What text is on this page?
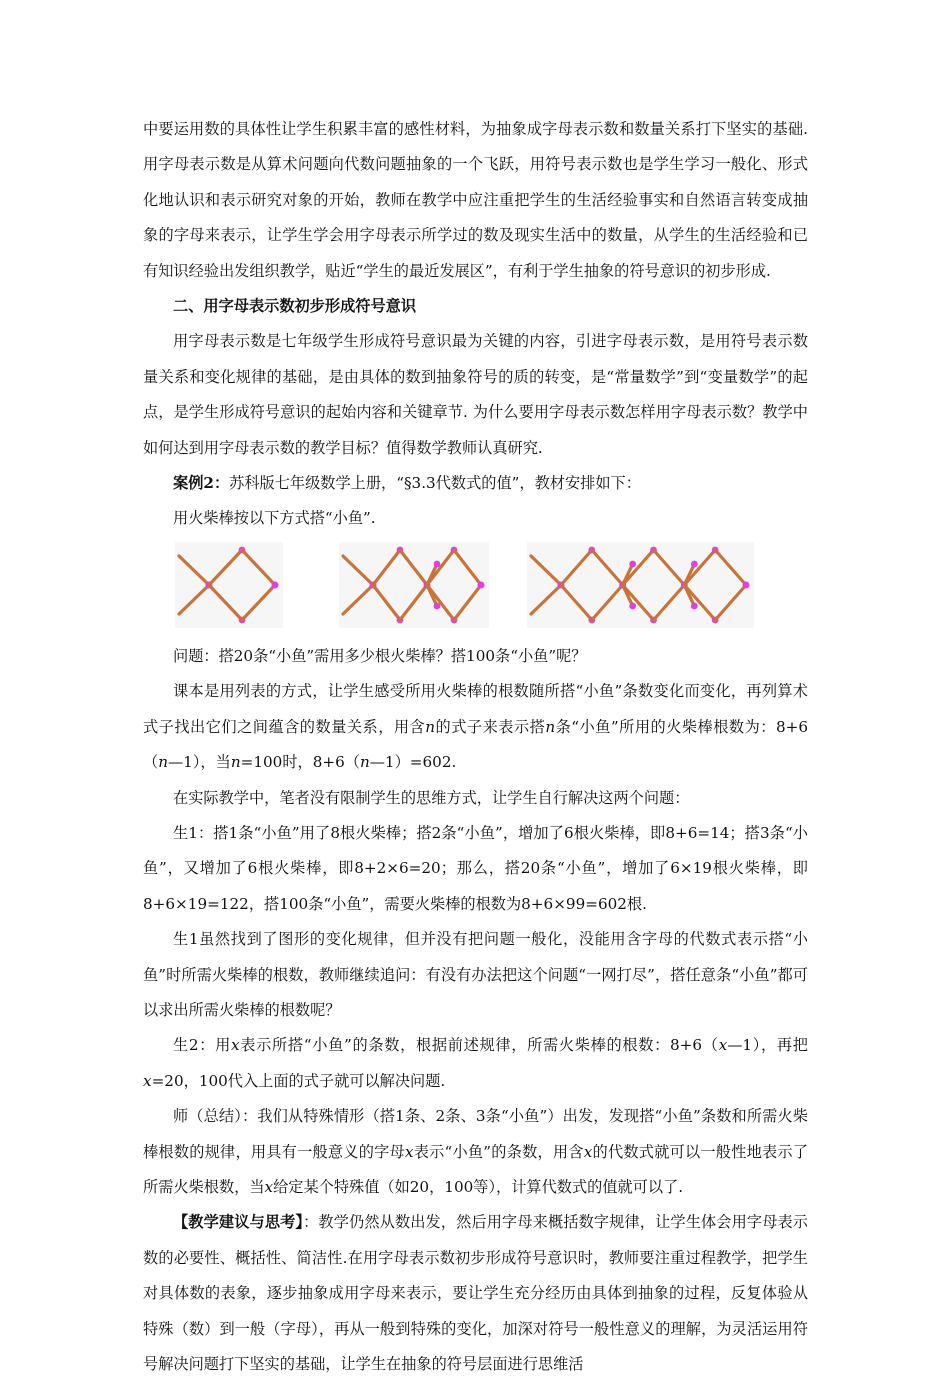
中要运用数的具体性让学生积累丰富的感性材料，为抽象成字母表示数和数量关系打下坚实的基础.用字母表示数是从算术问题向代数问题抽象的一个飞跃，用符号表示数也是学生学习一般化、形式化地认识和表示研究对象的开始，教师在教学中应注重把学生的生活经验事实和自然语言转变成抽象的字母来表示，让学生学会用字母表示所学过的数及现实生活中的数量，从学生的生活经验和已有知识经验出发组织教学，贴近“学生的最近发展区”，有利于学生抽象的符号意识的初步形成.

二、用字母表示数初步形成符号意识

用字母表示数是七年级学生形成符号意识最为关键的内容，引进字母表示数，是用符号表示数量关系和变化规律的基础，是由具体的数到抽象符号的质的转变，是“常量数学”到“变量数学”的起点，是学生形成符号意识的起始内容和关键章节. 为什么要用字母表示数怎样用字母表示数？教学中如何达到用字母表示数的教学目标？值得数学教师认真研究.

案例2：苏科版七年级数学上册，“§3.3代数式的值”，教材安排如下：

用火柴棒按以下方式搭“小鱼”.

问题：搭20条“小鱼”需用多少根火柴棒？搭100条“小鱼”呢？

课本是用列表的方式，让学生感受所用火柴棒的根数随所搭“小鱼”条数变化而变化，再列算术式子找出它们之间蕴含的数量关系，用含n的式子来表示搭n条“小鱼”所用的火柴棒根数为：8+6（n—1），当n=100时，8+6（n—1）=602.

在实际教学中，笔者没有限制学生的思维方式，让学生自行解决这两个问题：

生1：搭1条“小鱼”用了8根火柴棒；搭2条“小鱼”，增加了6根火柴棒，即8+6=14；搭3条“小鱼”，又增加了6根火柴棒，即8+2×6=20；那么，搭20条“小鱼”，增加了6×19根火柴棒，即8+6×19=122，搭100条“小鱼”，需要火柴棒的根数为8+6×99=602根.

生1虽然找到了图形的变化规律，但并没有把问题一般化，没能用含字母的代数式表示搭“小鱼”时所需火柴棒的根数，教师继续追问：有没有办法把这个问题“一网打尽”，搭任意条“小鱼”都可以求出所需火柴棒的根数呢？

生2：用x表示所搭“小鱼”的条数，根据前述规律，所需火柴棒的根数：8+6（x—1），再把x=20，100代入上面的式子就可以解决问题.

师（总结）：我们从特殊情形（搭1条、2条、3条“小鱼”）出发，发现搭“小鱼”条数和所需火柴棒根数的规律，用具有一般意义的字母x表示“小鱼”的条数，用含x的代数式就可以一般性地表示了所需火柴根数，当x给定某个特殊值（如20，100等），计算代数式的值就可以了.

【教学建议与思考】：教学仍然从数出发，然后用字母来概括数字规律，让学生体会用字母表示数的必要性、概括性、简洁性.在用字母表示数初步形成符号意识时，教师要注重过程教学，把学生对具体数的表象，逐步抽象成用字母来表示，要让学生充分经历由具体到抽象的过程，反复体验从特殊（数）到一般（字母），再从一般到特殊的变化，加深对符号一般性意义的理解，为灵活运用符号解决问题打下坚实的基础，让学生在抽象的符号层面进行思维活
